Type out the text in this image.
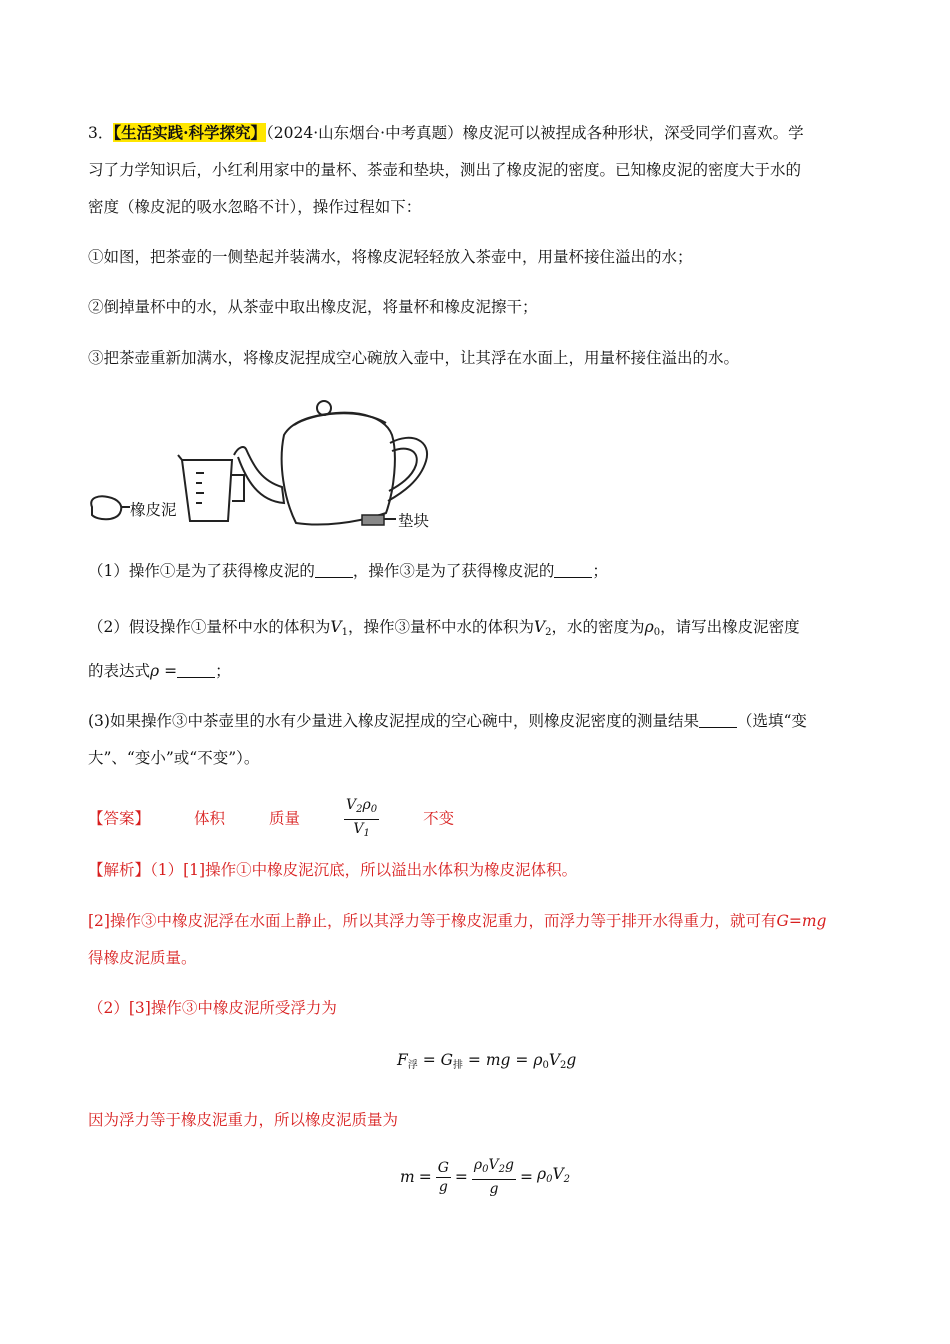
3．【生活实践·科学探究】（2024·山东烟台·中考真题）橡皮泥可以被捏成各种形状，深受同学们喜欢。学
习了力学知识后，小红利用家中的量杯、茶壶和垫块，测出了橡皮泥的密度。已知橡皮泥的密度大于水的
密度（橡皮泥的吸水忽略不计），操作过程如下：
①如图，把茶壶的一侧垫起并装满水，将橡皮泥轻轻放入茶壶中，用量杯接住溢出的水；
②倒掉量杯中的水，从茶壶中取出橡皮泥，将量杯和橡皮泥擦干；
③把茶壶重新加满水，将橡皮泥捏成空心碗放入壶中，让其浮在水面上，用量杯接住溢出的水。
橡皮泥
垫块
（1）操作①是为了获得橡皮泥的 ，操作③是为了获得橡皮泥的 ；
（2）假设操作①量杯中水的体积为$V_1$，操作③量杯中水的体积为$V_2$，水的密度为$\rho_0$，请写出橡皮泥密度
的表达式ρ = ；
(3)如果操作③中茶壶里的水有少量进入橡皮泥捏成的空心碗中，则橡皮泥密度的测量结果 （选填“变
大”、“变小”或“不变”）。
【答案】	体积	质量	$\frac{V_2\rho_0}{V_1}$	不变
【解析】（1）[1]操作①中橡皮泥沉底，所以溢出水体积为橡皮泥体积。
[2]操作③中橡皮泥浮在水面上静止，所以其浮力等于橡皮泥重力，而浮力等于排开水得重力，就可有G=mg
得橡皮泥质量。
（2）[3]操作③中橡皮泥所受浮力为
$F_浮 = G_排$ = mg = $\rho_0V_2g$
因为浮力等于橡皮泥重力，所以橡皮泥质量为
$m = \frac{G}{g} = \frac{\rho_0V_2g}{g} = \rho_0V_2$
